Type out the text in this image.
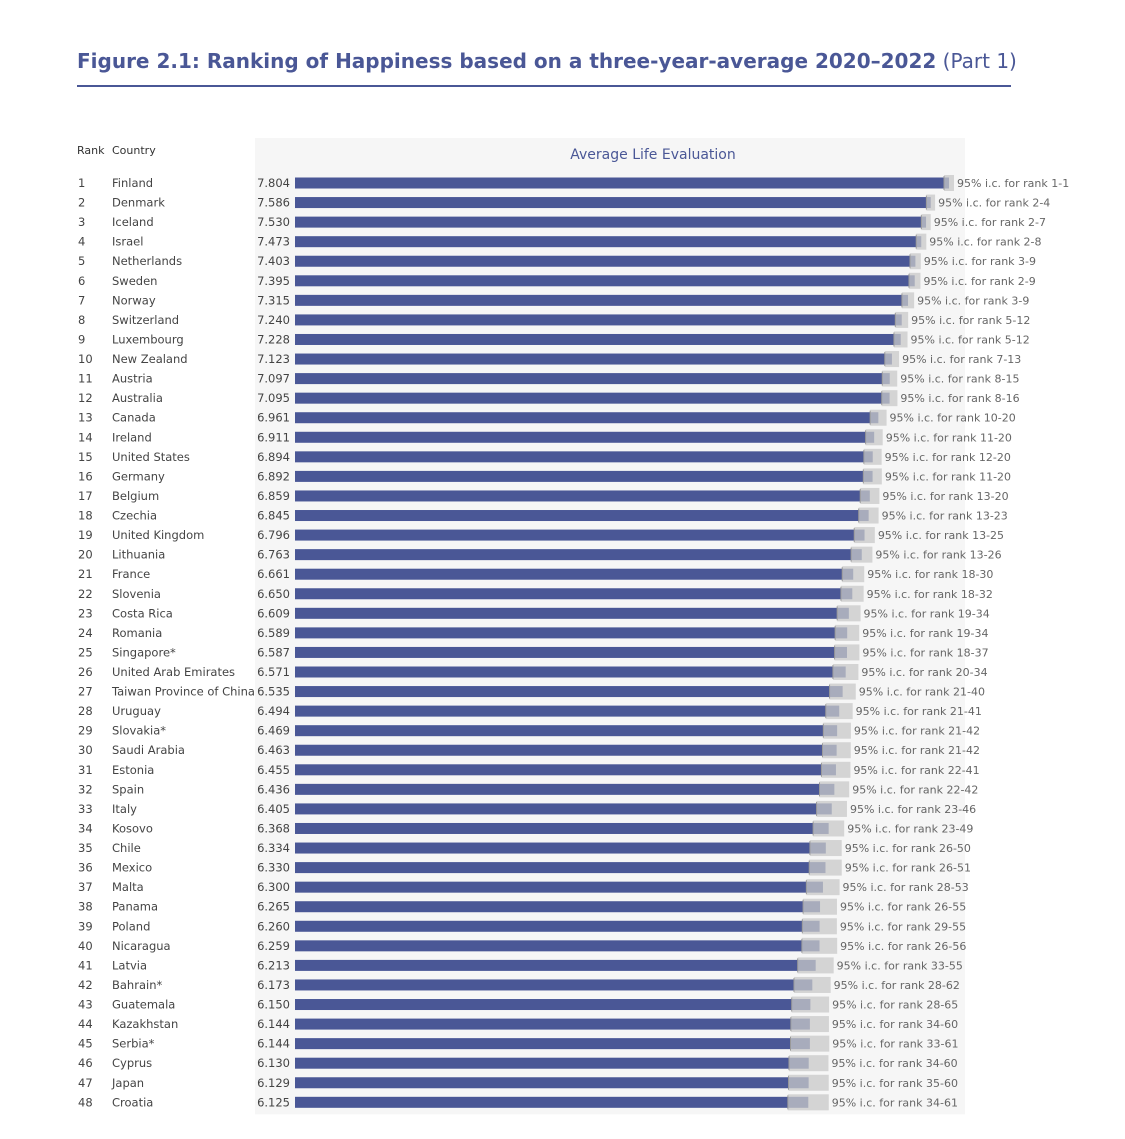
Figure 2.1: Ranking of Happiness based on a three-year-average 2020–2022 (Part 1)
Rank Country	Average Life Evaluation
1 Finland	7.804	95% i.c. for rank 1-1
2 Denmark	7.586	95% i.c. for rank 2-4
3 Iceland	7.530	95% i.c. for rank 2-7
4 Israel	7.473	95% i.c. for rank 2-8
5 Netherlands	7.403	95% i.c. for rank 3-9
6 Sweden	7.395	95% i.c. for rank 2-9
7 Norway	7.315	95% i.c. for rank 3-9
8 Switzerland	7.240	95% i.c. for rank 5-12
9 Luxembourg	7.228	95% i.c. for rank 5-12
10 New Zealand	7.123	95% i.c. for rank 7-13
11 Austria	7.097	95% i.c. for rank 8-15
12 Australia	7.095	95% i.c. for rank 8-16
13 Canada	6.961	95% i.c. for rank 10-20
14 Ireland	6.911	95% i.c. for rank 11-20
15 United States	6.894	95% i.c. for rank 12-20
16 Germany	6.892	95% i.c. for rank 11-20
17 Belgium	6.859	95% i.c. for rank 13-20
18 Czechia	6.845	95% i.c. for rank 13-23
19 United Kingdom	6.796	95% i.c. for rank 13-25
20 Lithuania	6.763	95% i.c. for rank 13-26
21 France	6.661	95% i.c. for rank 18-30
22 Slovenia	6.650	95% i.c. for rank 18-32
23 Costa Rica	6.609	95% i.c. for rank 19-34
24 Romania	6.589	95% i.c. for rank 19-34
25 Singapore*	6.587	95% i.c. for rank 18-37
26 United Arab Emirates 6.571	95% i.c. for rank 20-34
27 Taiwan Province of China 6.535	95% i.c. for rank 21-40
28 Uruguay	6.494	95% i.c. for rank 21-41
29 Slovakia*	6.469	95% i.c. for rank 21-42
30 Saudi Arabia	6.463	95% i.c. for rank 21-42
31 Estonia	6.455	95% i.c. for rank 22-41
32 Spain	6.436	95% i.c. for rank 22-42
33 Italy	6.405	95% i.c. for rank 23-46
34 Kosovo	6.368	95% i.c. for rank 23-49
35 Chile	6.334	95% i.c. for rank 26-50
36 Mexico	6.330	95% i.c. for rank 26-51
37 Malta	6.300	95% i.c. for rank 28-53
38 Panama	6.265	95% i.c. for rank 26-55
39 Poland	6.260	95% i.c. for rank 29-55
40 Nicaragua	6.259	95% i.c. for rank 26-56
41 Latvia	6.213	95% i.c. for rank 33-55
42 Bahrain*	6.173	95% i.c. for rank 28-62
43 Guatemala	6.150	95% i.c. for rank 28-65
44 Kazakhstan	6.144	95% i.c. for rank 34-60
45 Serbia*	6.144	95% i.c. for rank 33-61
46 Cyprus	6.130	95% i.c. for rank 34-60
47 Japan	6.129	95% i.c. for rank 35-60
48 Croatia	6.125	95% i.c. for rank 34-61
